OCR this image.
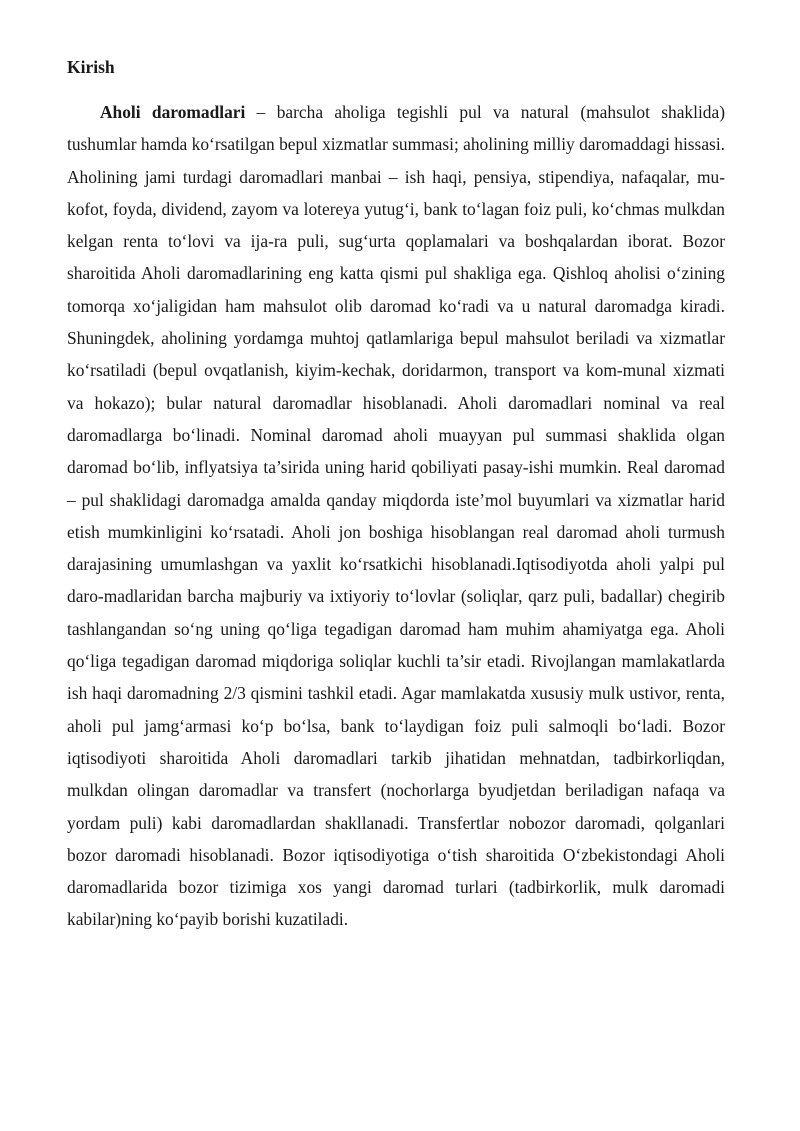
Kirish

Aholi daromadlari – barcha aholiga tegishli pul va natural (mahsulot shaklida) tushumlar hamda ko‘rsatilgan bepul xizmatlar summasi; aholining milliy daromaddagi hissasi. Aholining jami turdagi daromadlari manbai – ish haqi, pensiya, stipendiya, nafaqalar, mu-kofot, foyda, dividend, zayom va lotereya yutug‘i, bank to‘lagan foiz puli, ko‘chmas mulkdan kelgan renta to‘lovi va ija-ra puli, sug‘urta qoplamalari va boshqalardan iborat. Bozor sharoitida Aholi daromadlarining eng katta qismi pul shakliga ega. Qishloq aholisi o‘zining tomorqa xo‘jaligidan ham mahsulot olib daromad ko‘radi va u natural daromadga kiradi. Shuningdek, aholining yordamga muhtoj qatlamlariga bepul mahsulot beriladi va xizmatlar ko‘rsatiladi (bepul ovqatlanish, kiyim-kechak, doridarmon, transport va kom-munal xizmati va hokazo); bular natural daromadlar hisoblanadi. Aholi daromadlari nominal va real daromadlarga bo‘linadi. Nominal daromad aholi muayyan pul summasi shaklida olgan daromad bo‘lib, inflyatsiya ta’sirida uning harid qobiliyati pasay-ishi mumkin. Real daromad – pul shaklidagi daromadga amalda qanday miqdorda iste’mol buyumlari va xizmatlar harid etish mumkinligini ko‘rsatadi. Aholi jon boshiga hisoblangan real daromad aholi turmush darajasining umumlashgan va yaxlit ko‘rsatkichi hisoblanadi.Iqtisodiyotda aholi yalpi pul daro-madlaridan barcha majburiy va ixtiyoriy to‘lovlar (soliqlar, qarz puli, badallar) chegirib tashlangandan so‘ng uning qo‘liga tegadigan daromad ham muhim ahamiyatga ega. Aholi qo‘liga tegadigan daromad miqdoriga soliqlar kuchli ta’sir etadi. Rivojlangan mamlakatlarda ish haqi daromadning 2/3 qismini tashkil etadi. Agar mamlakatda xususiy mulk ustivor, renta, aholi pul jamg‘armasi ko‘p bo‘lsa, bank to‘laydigan foiz puli salmoqli bo‘ladi. Bozor iqtisodiyoti sharoitida Aholi daromadlari tarkib jihatidan mehnatdan, tadbirkorliqdan, mulkdan olingan daromadlar va transfert (nochorlarga byudjetdan beriladigan nafaqa va yordam puli) kabi daromadlardan shakllanadi. Transfertlar nobozor daromadi, qolganlari bozor daromadi hisoblanadi. Bozor iqtisodiyotiga o‘tish sharoitida O‘zbekistondagi Aholi daromadlarida bozor tizimiga xos yangi daromad turlari (tadbirkorlik, mulk daromadi kabilar)ning ko‘payib borishi kuzatiladi.
